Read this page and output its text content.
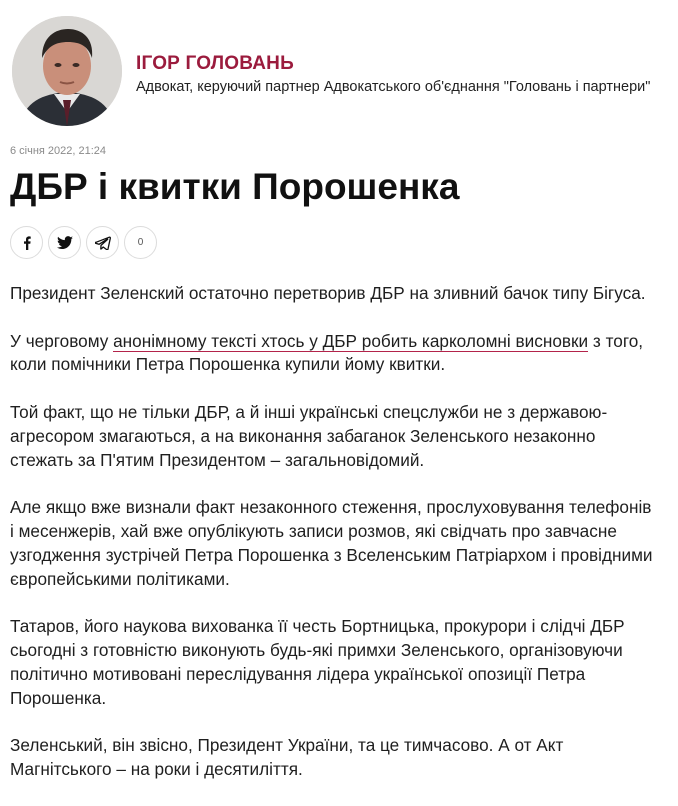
ІГОР ГОЛОВАНЬ
Адвокат, керуючий партнер Адвокатського об'єднання "Головань і партнери"
6 січня 2022, 21:24
ДБР і квитки Порошенка
0

Президент Зеленский остаточно перетворив ДБР на зливний бачок типу Бігуса.

У черговому анонімному тексті хтось у ДБР робить карколомні висновки з того, коли помічники Петра Порошенка купили йому квитки.

Той факт, що не тільки ДБР, а й інші українські спецслужби не з державою-агресором змагаються, а на виконання забаганок Зеленського незаконно стежать за П'ятим Президентом – загальновідомий.

Але якщо вже визнали факт незаконного стеження, прослуховування телефонів і месенжерів, хай вже опублікують записи розмов, які свідчать про завчасне узгодження зустрічей Петра Порошенка з Вселенським Патріархом і провідними європейськими політиками.

Татаров, його наукова вихованка її честь Бортницька, прокурори і слідчі ДБР сьогодні з готовністю виконують будь-які примхи Зеленського, організовуючи політично мотивовані переслідування лідера української опозиції Петра Порошенка.

Зеленський, він звісно, Президент України, та це тимчасово. А от Акт Магнітського – на роки і десятиліття.
